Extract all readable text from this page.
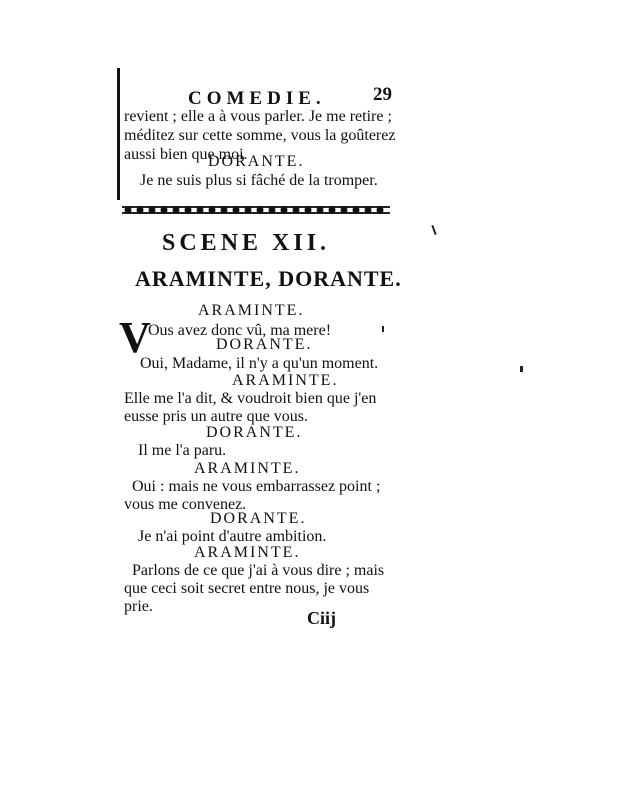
COMEDIE. 29
revient ; elle a à vous parler. Je me retire ;
méditez sur cette somme, vous la goûterez
aussi bien que moi.
DORANTE.
Je ne suis plus si fâché de la tromper.
SCENE XII.
ARAMINTE, DORANTE.
ARAMINTE.
V
Ous avez donc vû, ma mere!
DORANTE.
Oui, Madame, il n'y a qu'un moment.
ARAMINTE.
Elle me l'a dit, & voudroit bien que j'en
eusse pris un autre que vous.
DORANTE.
Il me l'a paru.
ARAMINTE.
Oui : mais ne vous embarrassez point ;
vous me convenez.
DORANTE.
Je n'ai point d'autre ambition.
ARAMINTE.
Parlons de ce que j'ai à vous dire ; mais
que ceci soit secret entre nous, je vous
prie.
Ciij
